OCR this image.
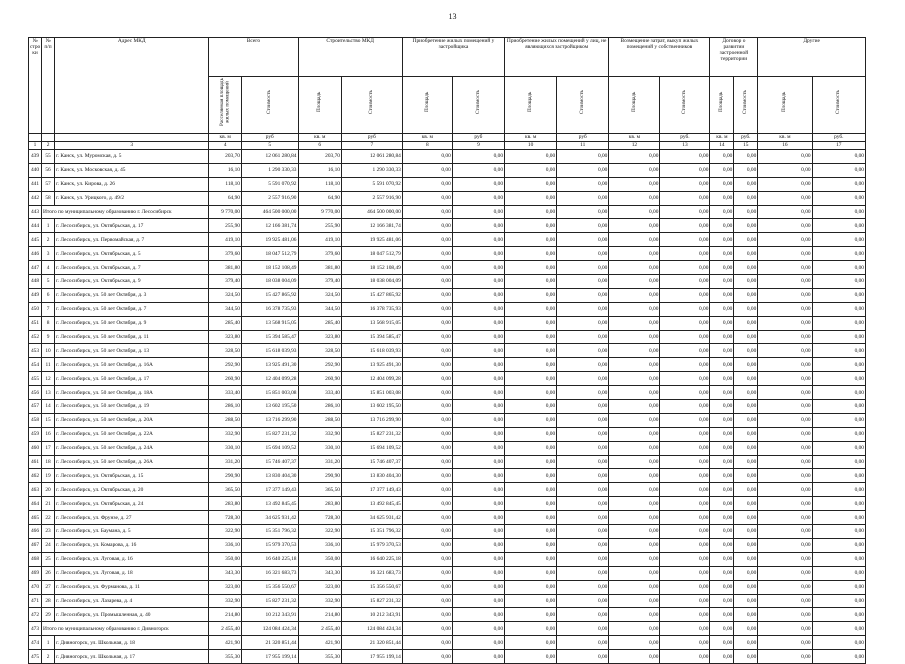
13
№ стро ки	№ п/п	Адрес МКД	Всего		Строительство МКД		Приобретение жилых помещений у застройщика		Приобретение жилых помещений у лиц, не являющихся застройщиком		Возмещение затрат, выкуп жилых помещений у собственников		Договор о развитии застроенной территории		Другие	

			Расселяемая площадь жилых помещений	Стоимость	Площадь	Стоимость	Площадь	Стоимость	Площадь	Стоимость	Площадь	Стоимость	Площадь	Стоимость	Площадь	Стоимость

			кв. м	руб	кв. м	руб	кв. м	руб	кв. м	руб	кв. м	руб.	кв. м	руб.	кв. м	руб.
1	2	3	4	5	6	7	8	9	10	11	12	13	14	15	16	17
439	55	г. Канск, ул. Муромская, д. 5	203,70	12 061 280,84	203,70	12 061 280,84	0,00	0,00	0,00	0,00	0,00	0,00	0,00	0,00	0,00	0,00
440	56	г. Канск, ул. Московская, д. 45	16,10	1 290 330,33	16,10	1 290 330,33	0,00	0,00	0,00	0,00	0,00	0,00	0,00	0,00	0,00	0,00
441	57	г. Канск, ул. Кирова, д. 26	118,10	5 591 070,92	118,10	5 591 070,92	0,00	0,00	0,00	0,00	0,00	0,00	0,00	0,00	0,00	0,00
442	58	г. Канск, ул. Урицкого, д. 49/2	64,90	2 557 916,90	64,90	2 557 916,90	0,00	0,00	0,00	0,00	0,00	0,00	0,00	0,00	0,00	0,00
443	Итого по муниципальному образованию г. Лесосибирск		9 770,00	464 500 000,00	9 770,00	464 500 000,00	0,00	0,00	0,00	0,00	0,00	0,00	0,00	0,00	0,00	0,00
444	1	г. Лесосибирск, ул. Октябрьская, д. 17	255,90	12 166 381,74	255,90	12 166 381,74	0,00	0,00	0,00	0,00	0,00	0,00	0,00	0,00	0,00	0,00
445	2	г. Лесосибирск, ул. Первомайская, д. 7	419,10	19 925 481,06	419,10	19 925 481,06	0,00	0,00	0,00	0,00	0,00	0,00	0,00	0,00	0,00	0,00
446	3	г. Лесосибирск, ул. Октябрьская, д. 5	379,60	18 047 512,79	379,60	18 047 512,79	0,00	0,00	0,00	0,00	0,00	0,00	0,00	0,00	0,00	0,00
447	4	г. Лесосибирск, ул. Октябрьская, д. 7	381,80	18 152 108,49	381,80	18 152 108,49	0,00	0,00	0,00	0,00	0,00	0,00	0,00	0,00	0,00	0,00
448	5	г. Лесосибирск, ул. Октябрьская, д. 9	379,40	18 038 004,09	379,40	18 038 004,09	0,00	0,00	0,00	0,00	0,00	0,00	0,00	0,00	0,00	0,00
449	6	г. Лесосибирск, ул. 50 лет Октября, д. 3	324,50	15 427 865,92	324,50	15 427 865,92	0,00	0,00	0,00	0,00	0,00	0,00	0,00	0,00	0,00	0,00
450	7	г. Лесосибирск, ул. 50 лет Октября, д. 7	344,50	16 378 735,93	344,50	16 378 735,93	0,00	0,00	0,00	0,00	0,00	0,00	0,00	0,00	0,00	0,00
451	8	г. Лесосибирск, ул. 50 лет Октября, д. 9	285,40	13 568 915,05	285,40	13 568 915,05	0,00	0,00	0,00	0,00	0,00	0,00	0,00	0,00	0,00	0,00
452	9	г. Лесосибирск, ул. 50 лет Октября, д. 11	323,80	15 394 585,47	323,80	15 394 585,47	0,00	0,00	0,00	0,00	0,00	0,00	0,00	0,00	0,00	0,00
453	10	г. Лесосибирск, ул. 50 лет Октября, д. 13	328,50	15 618 039,93	328,50	15 618 039,93	0,00	0,00	0,00	0,00	0,00	0,00	0,00	0,00	0,00	0,00
454	11	г. Лесосибирск, ул. 50 лет Октября, д. 16А	292,90	13 925 491,30	292,90	13 925 491,30	0,00	0,00	0,00	0,00	0,00	0,00	0,00	0,00	0,00	0,00
455	12	г. Лесосибирск, ул. 50 лет Октября, д. 17	260,90	12 404 099,28	260,90	12 404 099,28	0,00	0,00	0,00	0,00	0,00	0,00	0,00	0,00	0,00	0,00
456	13	г. Лесосибирск, ул. 50 лет Октября, д. 18А	333,40	15 851 003,08	333,40	15 851 003,08	0,00	0,00	0,00	0,00	0,00	0,00	0,00	0,00	0,00	0,00
457	14	г. Лесосибирск, ул. 50 лет Октября, д. 19	286,10	13 602 195,50	286,10	13 602 195,50	0,00	0,00	0,00	0,00	0,00	0,00	0,00	0,00	0,00	0,00
458	15	г. Лесосибирск, ул. 50 лет Октября, д. 20А	288,50	13 716 299,90	288,50	13 716 299,90	0,00	0,00	0,00	0,00	0,00	0,00	0,00	0,00	0,00	0,00
459	16	г. Лесосибирск, ул. 50 лет Октября, д. 22А	332,90	15 827 231,32	332,90	15 827 231,32	0,00	0,00	0,00	0,00	0,00	0,00	0,00	0,00	0,00	0,00
460	17	г. Лесосибирск, ул. 50 лет Октября, д. 24А	330,10	15 694 109,52	330,10	15 694 109,52	0,00	0,00	0,00	0,00	0,00	0,00	0,00	0,00	0,00	0,00
461	18	г. Лесосибирск, ул. 50 лет Октября, д. 26А	331,20	15 746 407,37	331,20	15 746 407,37	0,00	0,00	0,00	0,00	0,00	0,00	0,00	0,00	0,00	0,00
462	19	г. Лесосибирск, ул. Октябрьская, д. 15	290,90	13 830 404,30	290,90	13 830 404,30	0,00	0,00	0,00	0,00	0,00	0,00	0,00	0,00	0,00	0,00
463	20	г. Лесосибирск, ул. Октябрьская, д. 20	365,50	17 377 149,43	365,50	17 377 149,43	0,00	0,00	0,00	0,00	0,00	0,00	0,00	0,00	0,00	0,00
464	21	г. Лесосибирск, ул. Октябрьская, д. 24	283,80	13 492 845,45	283,80	13 492 845,45	0,00	0,00	0,00	0,00	0,00	0,00	0,00	0,00	0,00	0,00
465	22	г. Лесосибирск, ул. Фрунзе, д. 27	728,30	34 625 931,42	728,30	34 625 931,42	0,00	0,00	0,00	0,00	0,00	0,00	0,00	0,00	0,00	0,00
466	23	г. Лесосибирск, ул. Баумана, д. 5	322,90	15 351 796,32	322,90	15 351 796,32	0,00	0,00	0,00	0,00	0,00	0,00	0,00	0,00	0,00	0,00
467	24	г. Лесосибирск, ул. Комарова, д. 16	336,10	15 979 370,53	336,10	15 979 370,53	0,00	0,00	0,00	0,00	0,00	0,00	0,00	0,00	0,00	0,00
468	25	г. Лесосибирск, ул. Луговая, д. 16	350,00	16 640 225,18	350,00	16 640 225,18	0,00	0,00	0,00	0,00	0,00	0,00	0,00	0,00	0,00	0,00
469	26	г. Лесосибирск, ул. Луговая, д. 18	343,30	16 321 683,73	343,30	16 321 683,73	0,00	0,00	0,00	0,00	0,00	0,00	0,00	0,00	0,00	0,00
470	27	г. Лесосибирск, ул. Фурманова, д. 11	323,00	15 356 550,67	323,00	15 356 550,67	0,00	0,00	0,00	0,00	0,00	0,00	0,00	0,00	0,00	0,00
471	28	г. Лесосибирск, ул. Лазарева, д. 4	332,90	15 827 231,32	332,90	15 827 231,32	0,00	0,00	0,00	0,00	0,00	0,00	0,00	0,00	0,00	0,00
472	29	г. Лесосибирск, ул. Промышленная, д. 40	214,80	10 212 343,91	214,80	10 212 343,91	0,00	0,00	0,00	0,00	0,00	0,00	0,00	0,00	0,00	0,00
473	Итого по муниципальному образованию г. Дивногорск		2 455,40	124 084 424,34	2 455,40	124 084 424,34	0,00	0,00	0,00	0,00	0,00	0,00	0,00	0,00	0,00	0,00
474	1	г. Дивногорск, ул. Школьная, д. 18	421,90	21 320 851,44	421,90	21 320 851,44	0,00	0,00	0,00	0,00	0,00	0,00	0,00	0,00	0,00	0,00
475	2	г. Дивногорск, ул. Школьная, д. 17	355,30	17 955 199,14	355,30	17 955 199,14	0,00	0,00	0,00	0,00	0,00	0,00	0,00	0,00	0,00	0,00
